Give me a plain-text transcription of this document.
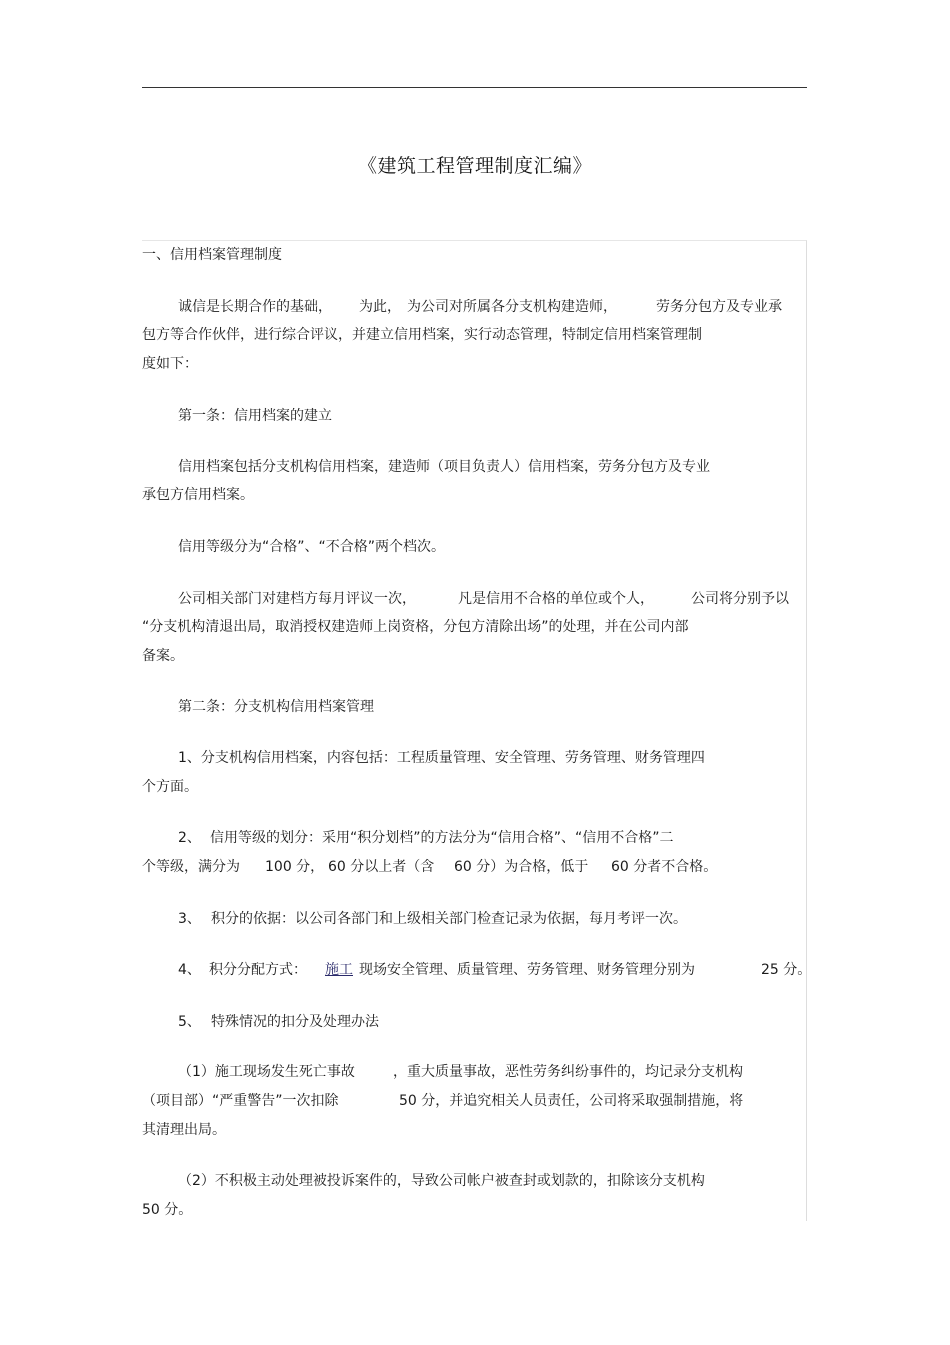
《建筑工程管理制度汇编》
一、信用档案管理制度
诚信是长期合作的基础， 为此， 为公司对所属各分支机构建造师，	劳务分包方及专业承
包方等合作伙伴，进行综合评议，并建立信用档案，实行动态管理，特制定信用档案管理制
度如下：
第一条：信用档案的建立
信用档案包括分支机构信用档案，建造师（项目负责人）信用档案，劳务分包方及专业
承包方信用档案。
信用等级分为“合格”、“不合格”两个档次。
公司相关部门对建档方每月评议一次，	凡是信用不合格的单位或个人，	公司将分别予以
“分支机构清退出局，取消授权建造师上岗资格，分包方清除出场”的处理，并在公司内部
备案。
第二条：分支机构信用档案管理
1、分支机构信用档案，内容包括：工程质量管理、安全管理、劳务管理、财务管理四
个方面。
2、 信用等级的划分：采用“积分划档”的方法分为“信用合格”、“信用不合格”二
个等级，满分为 100 分， 60 分以上者（含 60 分）为合格，低于 60 分者不合格。
3、 积分的依据：以公司各部门和上级相关部门检查记录为依据，每月考评一次。
4、 积分分配方式： 施工 现场安全管理、质量管理、劳务管理、财务管理分别为	25 分。
5、 特殊情况的扣分及处理办法
（1）施工现场发生死亡事故	，重大质量事故，恶性劳务纠纷事件的，均记录分支机构
（项目部）“严重警告”一次扣除	50 分，并追究相关人员责任，公司将采取强制措施，将
其清理出局。
（2）不积极主动处理被投诉案件的，导致公司帐户被查封或划款的，扣除该分支机构
50 分。
